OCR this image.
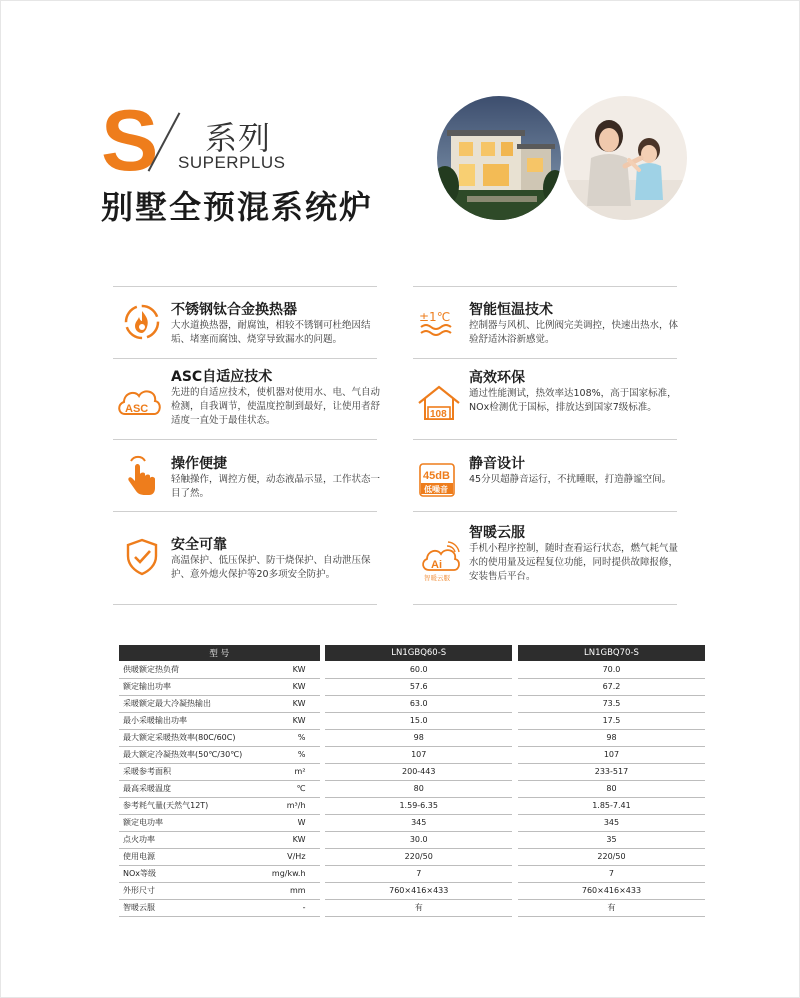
S 系列
SUPERPLUS
别墅全预混系统炉
不锈钢钛合金换热器
大水道换热器，耐腐蚀，相较不锈钢可杜绝因结垢、堵塞而腐蚀、烧穿导致漏水的问题。
±1℃ 智能恒温技术
控制器与风机、比例阀完美调控，快速出热水，体验舒适沐浴新感觉。
ASC
ASC自适应技术
先进的自适应技术，使机器对使用水、电、气自动检测，自我调节，使温度控制到最好，让使用者舒适度一直处于最佳状态。
108
高效环保
通过性能测试，热效率达108%，高于国家标准，NOx检测优于国标，排放达到国家7级标准。
操作便捷
轻触操作，调控方便，动态液晶示显，工作状态一目了然。
45dB
低噪音
静音设计
45分贝超静音运行，不扰睡眠，打造静谧空间。
安全可靠
高温保护、低压保护、防干烧保护、自动泄压保护、意外熄火保护等20多项安全防护。
Ai
智暖云服
智暖云服
手机小程序控制，随时查看运行状态，燃气耗气量水的使用量及远程复位功能，同时提供故障报修，安装售后平台。
型 号			LN1GBQ60-S		LN1GBQ70-S
供暖额定热负荷	KW		60.0		70.0
额定输出功率	KW		57.6		67.2
采暖额定最大冷凝热输出	KW		63.0		73.5
最小采暖输出功率	KW		15.0		17.5
最大额定采暖热效率(80C/60C)	%		98		98
最大额定冷凝热效率(50℃/30℃)	%		107		107
采暖参考面积	m²		200-443		233-517
最高采暖温度	℃		80		80
参考耗气量(天然气12T)	m³/h		1.59-6.35		1.85-7.41
额定电功率	W		345		345
点火功率	KW		30.0		35
使用电源	V/Hz		220/50		220/50
NOx等级	mg/kw.h		7		7
外形尺寸	mm		760×416×433		760×416×433
智暖云服	-		有		有
